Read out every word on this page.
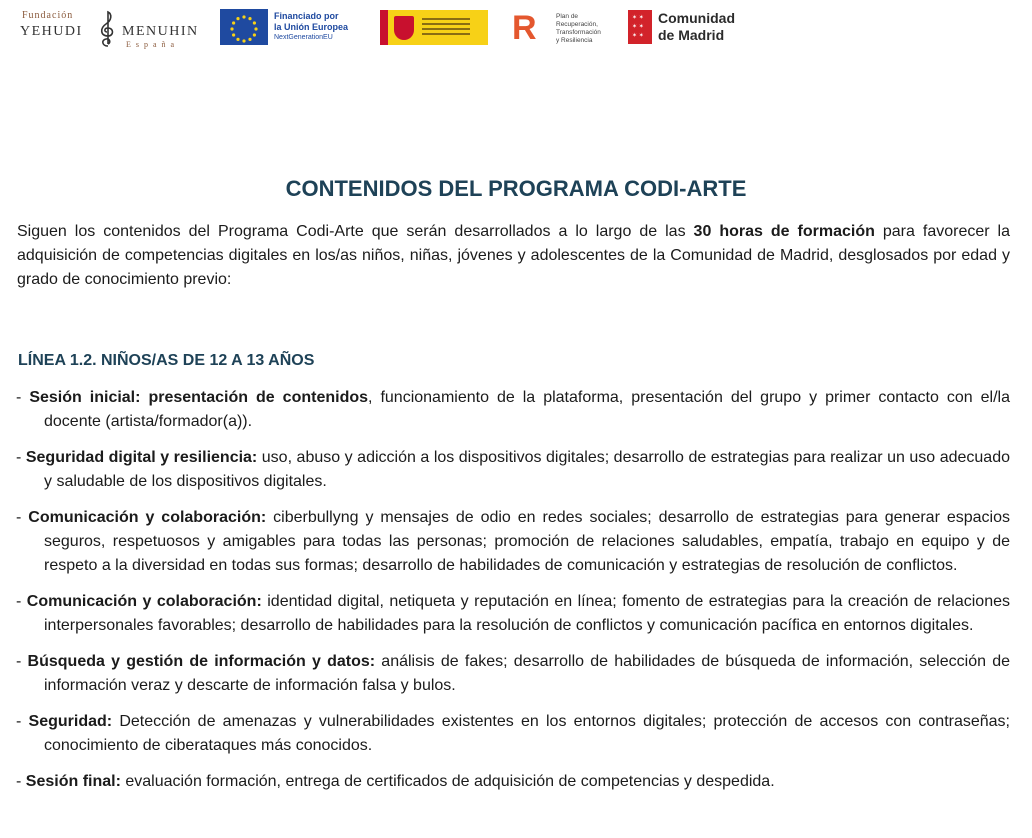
Fundación
YEHUDI	MENUHIN
España
Financiado por
la Unión Europea
NextGenerationEU	R	Plan de
Recuperación,
Transformación
y Resiliencia
✶ ✶
✶ ✶
✶ ✶
Comunidad
de Madrid
CONTENIDOS DEL PROGRAMA CODI-ARTE

Siguen los contenidos del Programa Codi-Arte que serán desarrollados a lo largo de las 30 horas de formación para favorecer la adquisición de competencias digitales en los/as niños, niñas, jóvenes y adolescentes de la Comunidad de Madrid, desglosados por edad y grado de conocimiento previo:

LÍNEA 1.2. NIÑOS/AS DE 12 A 13 AÑOS
- Sesión inicial: presentación de contenidos, funcionamiento de la plataforma, presentación del grupo y primer contacto con el/la docente (artista/formador(a)).
- Seguridad digital y resiliencia: uso, abuso y adicción a los dispositivos digitales; desarrollo de estrategias para realizar un uso adecuado y saludable de los dispositivos digitales.
- Comunicación y colaboración: ciberbullyng y mensajes de odio en redes sociales; desarrollo de estrategias para generar espacios seguros, respetuosos y amigables para todas las personas; promoción de relaciones saludables, empatía, trabajo en equipo y de respeto a la diversidad en todas sus formas; desarrollo de habilidades de comunicación y estrategias de resolución de conflictos.
- Comunicación y colaboración: identidad digital, netiqueta y reputación en línea; fomento de estrategias para la creación de relaciones interpersonales favorables; desarrollo de habilidades para la resolución de conflictos y comunicación pacífica en entornos digitales.
- Búsqueda y gestión de información y datos: análisis de fakes; desarrollo de habilidades de búsqueda de información, selección de información veraz y descarte de información falsa y bulos.
- Seguridad: Detección de amenazas y vulnerabilidades existentes en los entornos digitales; protección de accesos con contraseñas; conocimiento de ciberataques más conocidos.
- Sesión final: evaluación formación, entrega de certificados de adquisición de competencias y despedida.
